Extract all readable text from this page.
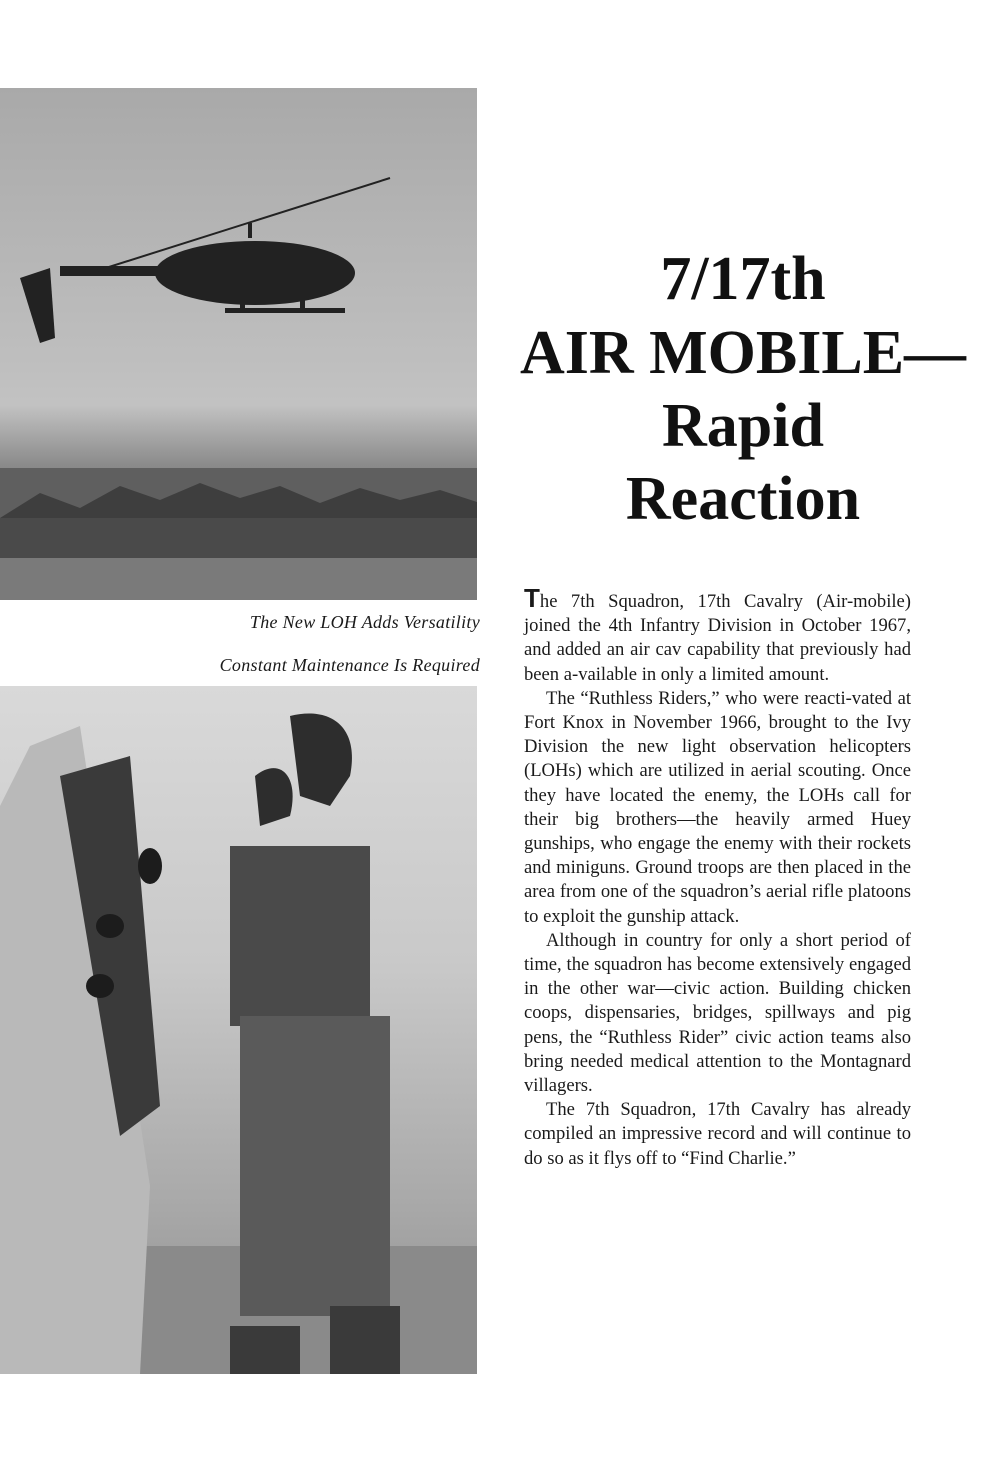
The New LOH Adds Versatility
Constant Maintenance Is Required
7/17th
AIR MOBILE—
Rapid
Reaction

The 7th Squadron, 17th Cavalry (Air-mobile) joined the 4th Infantry Division in October 1967, and added an air cav capability that previously had been a-vailable in only a limited amount.

The “Ruthless Riders,” who were reacti-vated at Fort Knox in November 1966, brought to the Ivy Division the new light observation helicopters (LOHs) which are utilized in aerial scouting. Once they have located the enemy, the LOHs call for their big brothers—the heavily armed Huey gunships, who engage the enemy with their rockets and miniguns. Ground troops are then placed in the area from one of the squadron’s aerial rifle platoons to exploit the gunship attack.

Although in country for only a short period of time, the squadron has become extensively engaged in the other war—civic action. Building chicken coops, dispensaries, bridges, spillways and pig pens, the “Ruthless Rider” civic action teams also bring needed medical attention to the Montagnard villagers.

The 7th Squadron, 17th Cavalry has already compiled an impressive record and will continue to do so as it flys off to “Find Charlie.”
